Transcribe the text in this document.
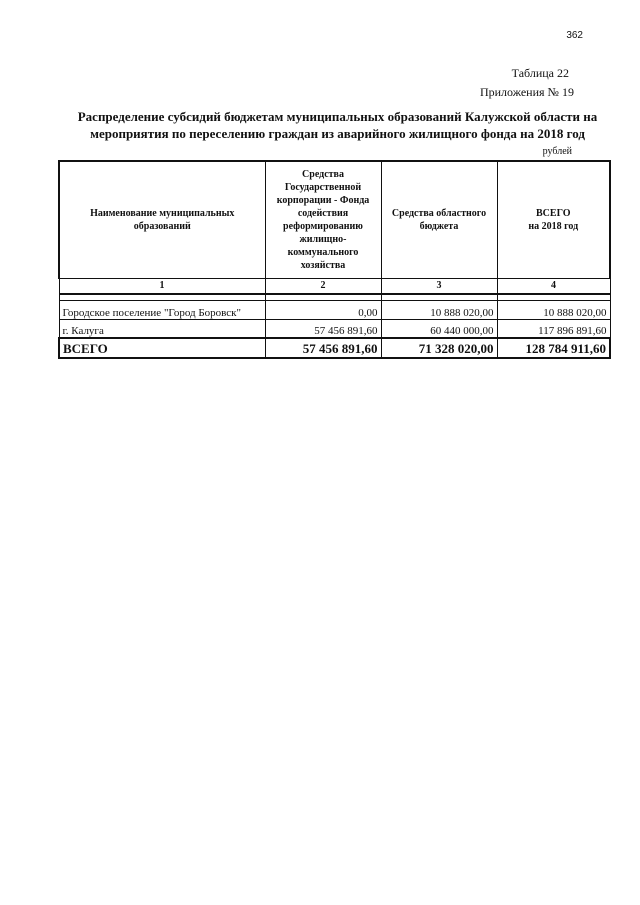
362
Таблица 22
Приложения № 19
Распределение субсидий бюджетам муниципальных образований Калужской области на
мероприятия по переселению граждан из аварийного жилищного фонда на 2018 год
рублей
Наименование муниципальных образований	Средства Государственной корпорации - Фонда содействия реформированию жилищно-коммунального хозяйства	Средства областного бюджета	ВСЕГО
на 2018 год

1	2	3	4

Городское поселение "Город Боровск"	0,00	10 888 020,00	10 888 020,00
г. Калуга	57 456 891,60	60 440 000,00	117 896 891,60
ВСЕГО	57 456 891,60	71 328 020,00	128 784 911,60
